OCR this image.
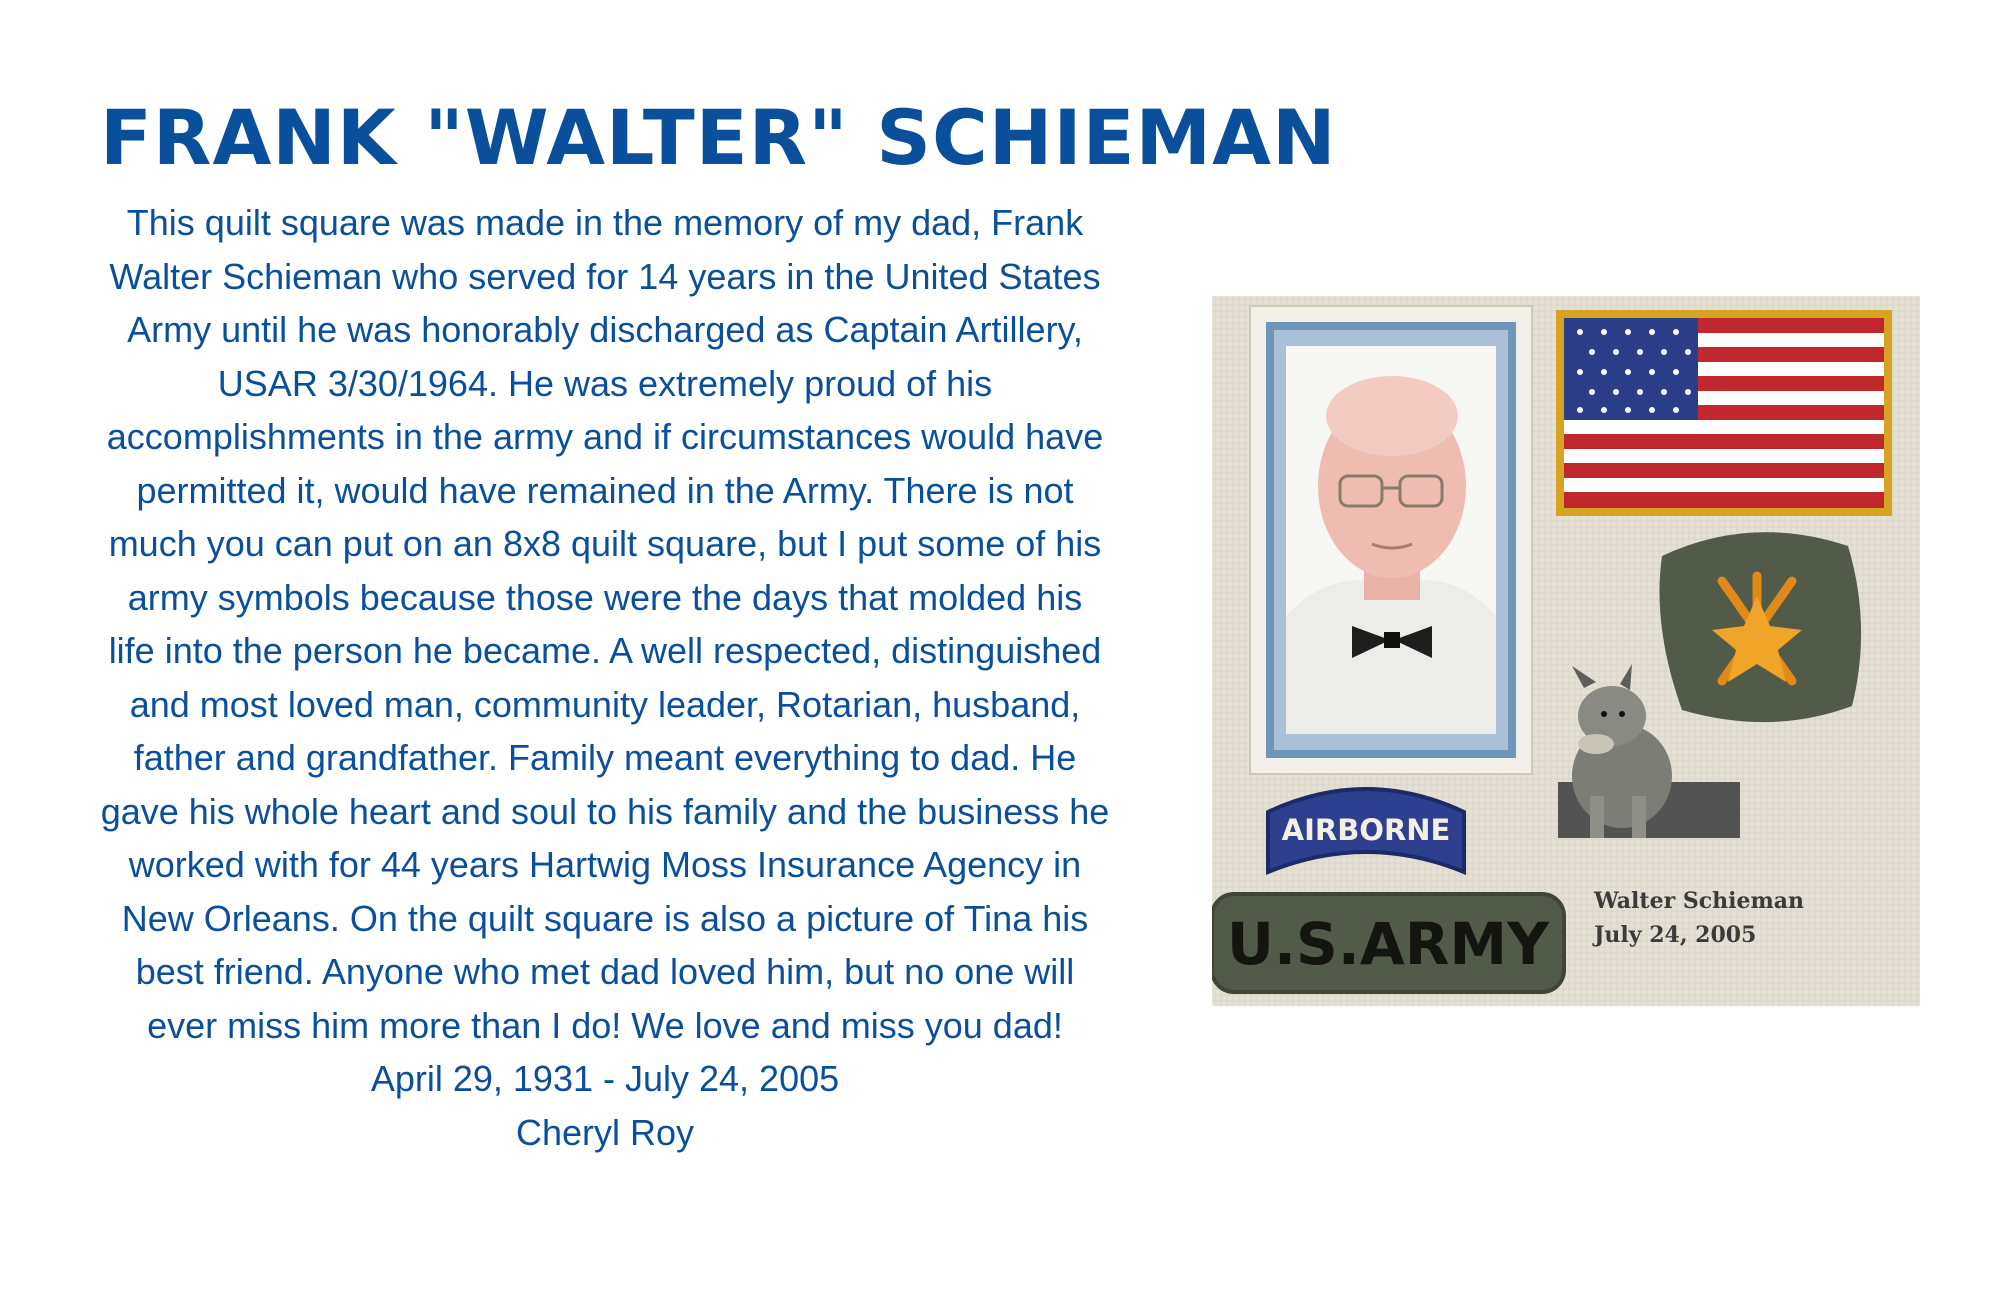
FRANK "WALTER" SCHIEMAN

This quilt square was made in the memory of my dad, Frank Walter Schieman who served for 14 years in the United States Army until he was honorably discharged as Captain Artillery, USAR 3/30/1964. He was extremely proud of his accomplishments in the army and if circumstances would have permitted it, would have remained in the Army. There is not much you can put on an 8x8 quilt square, but I put some of his army symbols because those were the days that molded his life into the person he became. A well respected, distinguished and most loved man, community leader, Rotarian, husband, father and grandfather. Family meant everything to dad. He gave his whole heart and soul to his family and the business he worked with for 44 years Hartwig Moss Insurance Agency in New Orleans. On the quilt square is also a picture of Tina his best friend. Anyone who met dad loved him, but no one will ever miss him more than I do! We love and miss you dad!

April 29, 1931 - July 24, 2005

Cheryl Roy

AIRBORNE
U.S.ARMY
Walter Schieman
July 24, 2005
